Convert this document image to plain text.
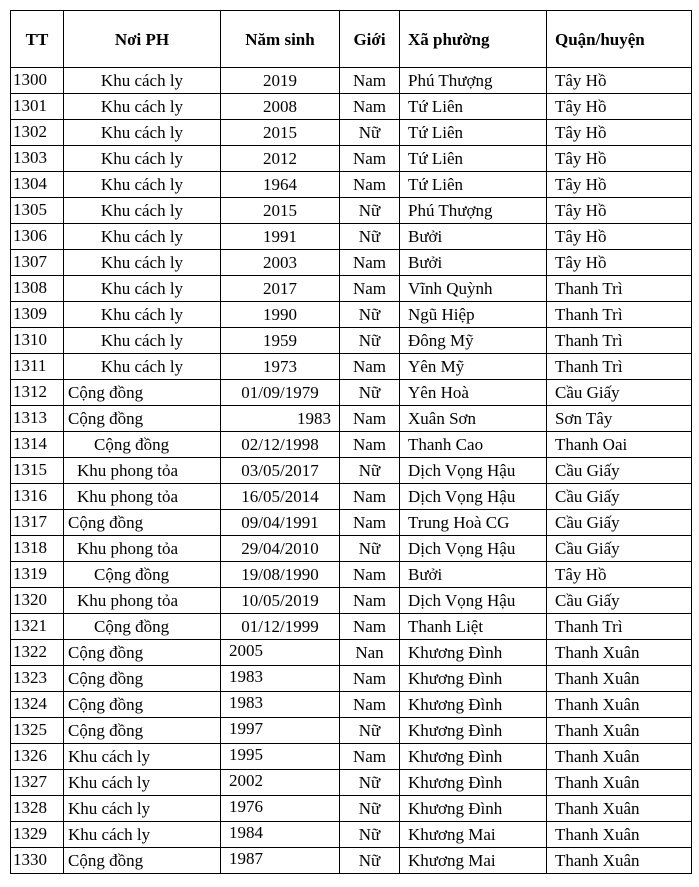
TT	Nơi PH	Năm sinh	Giới	Xã phường	Quận/huyện
1300	Khu cách ly	2019	Nam	Phú Thượng	Tây Hồ
1301	Khu cách ly	2008	Nam	Tứ Liên	Tây Hồ
1302	Khu cách ly	2015	Nữ	Tứ Liên	Tây Hồ
1303	Khu cách ly	2012	Nam	Tứ Liên	Tây Hồ
1304	Khu cách ly	1964	Nam	Tứ Liên	Tây Hồ
1305	Khu cách ly	2015	Nữ	Phú Thượng	Tây Hồ
1306	Khu cách ly	1991	Nữ	Bưởi	Tây Hồ
1307	Khu cách ly	2003	Nam	Bưởi	Tây Hồ
1308	Khu cách ly	2017	Nam	Vĩnh Quỳnh	Thanh Trì
1309	Khu cách ly	1990	Nữ	Ngũ Hiệp	Thanh Trì
1310	Khu cách ly	1959	Nữ	Đông Mỹ	Thanh Trì
1311	Khu cách ly	1973	Nam	Yên Mỹ	Thanh Trì
1312	Cộng đồng	01/09/1979	Nữ	Yên Hoà	Cầu Giấy
1313	Cộng đồng	1983	Nam	Xuân Sơn	Sơn Tây
1314	Cộng đồng	02/12/1998	Nam	Thanh Cao	Thanh Oai
1315	Khu phong tỏa	03/05/2017	Nữ	Dịch Vọng Hậu	Cầu Giấy
1316	Khu phong tỏa	16/05/2014	Nam	Dịch Vọng Hậu	Cầu Giấy
1317	Cộng đồng	09/04/1991	Nam	Trung Hoà CG	Cầu Giấy
1318	Khu phong tỏa	29/04/2010	Nữ	Dịch Vọng Hậu	Cầu Giấy
1319	Cộng đồng	19/08/1990	Nam	Bưởi	Tây Hồ
1320	Khu phong tỏa	10/05/2019	Nam	Dịch Vọng Hậu	Cầu Giấy
1321	Cộng đồng	01/12/1999	Nam	Thanh Liệt	Thanh Trì
1322	Cộng đồng	2005	Nan	Khương Đình	Thanh Xuân
1323	Cộng đồng	1983	Nam	Khương Đình	Thanh Xuân
1324	Cộng đồng	1983	Nam	Khương Đình	Thanh Xuân
1325	Cộng đồng	1997	Nữ	Khương Đình	Thanh Xuân
1326	Khu cách ly	1995	Nam	Khương Đình	Thanh Xuân
1327	Khu cách ly	2002	Nữ	Khương Đình	Thanh Xuân
1328	Khu cách ly	1976	Nữ	Khương Đình	Thanh Xuân
1329	Khu cách ly	1984	Nữ	Khương Mai	Thanh Xuân
1330	Cộng đồng	1987	Nữ	Khương Mai	Thanh Xuân
